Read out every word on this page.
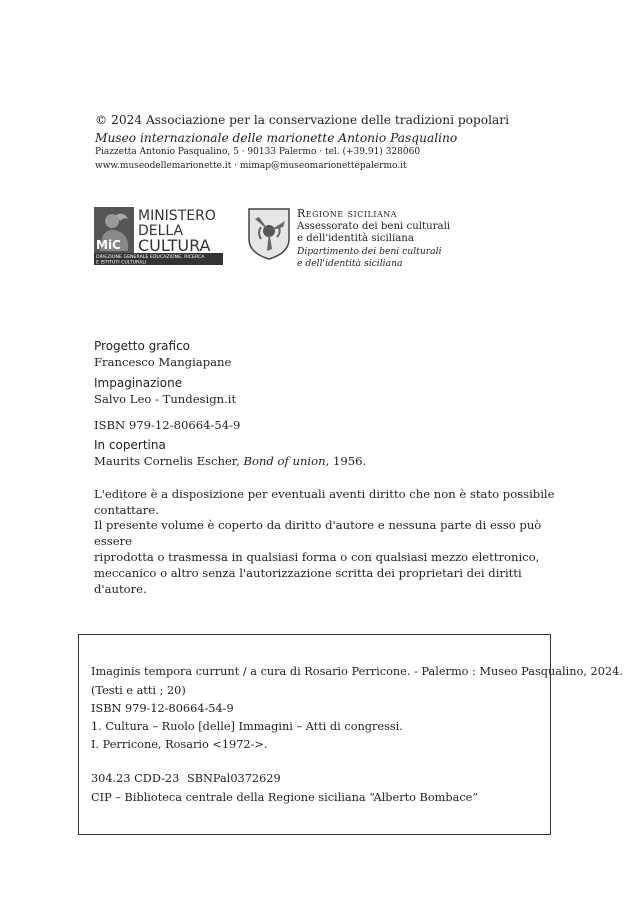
© 2024 Associazione per la conservazione delle tradizioni popolari
Museo internazionale delle marionette Antonio Pasqualino
Piazzetta Antonio Pasqualino, 5 · 90133 Palermo · tel. (+39.91) 328060
www.museodellemarionette.it · mimap@museomarionettepalermo.it
MiC
MINISTERO
DELLA
CULTURA
DIREZIONE GENERALE EDUCAZIONE, RICERCA
E ISTITUTI CULTURALI
Regione siciliana
Assessorato dei beni culturali
e dell'identità siciliana
Dipartimento dei beni culturali
e dell'identità siciliana
Progetto grafico
Francesco Mangiapane
Impaginazione
Salvo Leo - Tundesign.it
ISBN 979-12-80664-54-9
In copertina
Maurits Cornelis Escher, Bond of union, 1956.
L'editore è a disposizione per eventuali aventi diritto che non è stato possibile
contattare.
Il presente volume è coperto da diritto d'autore e nessuna parte di esso può essere
riprodotta o trasmessa in qualsiasi forma o con qualsiasi mezzo elettronico,
meccanico o altro senza l'autorizzazione scritta dei proprietari dei diritti d'autore.
Imaginis tempora currunt / a cura di Rosario Perricone. - Palermo : Museo Pasqualino, 2024.
(Testi e atti ; 20)
ISBN 979-12-80664-54-9
1. Cultura – Ruolo [delle] Immagini – Atti di congressi.
I. Perricone, Rosario <1972->.
304.23 CDD-23 SBNPal0372629
CIP – Biblioteca centrale della Regione siciliana “Alberto Bombace”
